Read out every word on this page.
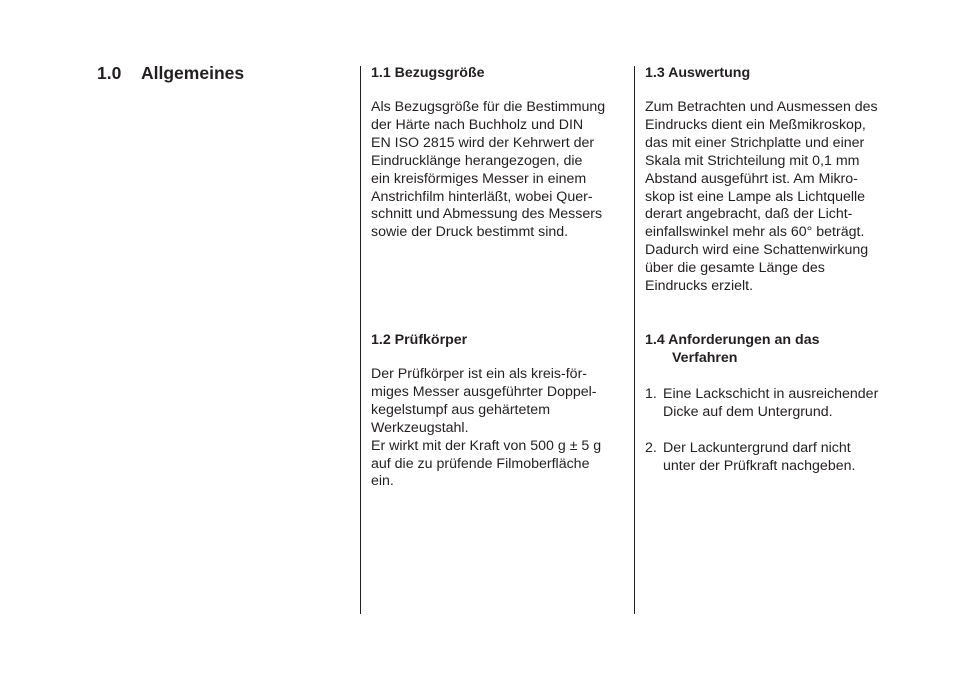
1.0 Allgemeines	1.1 Bezugsgröße

Als Bezugsgröße für die Bestimmung
der Härte nach Buchholz und DIN
EN ISO 2815 wird der Kehrwert der
Eindrucklänge herangezogen, die
ein kreisförmiges Messer in einem
Anstrichfilm hinterläßt, wobei Quer-
schnitt und Abmessung des Messers
sowie der Druck bestimmt sind.

1.2 Prüfkörper

Der Prüfkörper ist ein als kreis-för-
miges Messer ausgeführter Doppel-
kegelstumpf aus gehärtetem
Werkzeugstahl.
Er wirkt mit der Kraft von 500 g ± 5 g
auf die zu prüfende Filmoberfläche
ein.

1.3 Auswertung

Zum Betrachten und Ausmessen des
Eindrucks dient ein Meßmikroskop,
das mit einer Strichplatte und einer
Skala mit Strichteilung mit 0,1 mm
Abstand ausgeführt ist. Am Mikro-
skop ist eine Lampe als Lichtquelle
derart angebracht, daß der Licht-
einfallswinkel mehr als 60° beträgt.
Dadurch wird eine Schattenwirkung
über die gesamte Länge des
Eindrucks erzielt.

1.4 Anforderungen an das
Verfahren
1. Eine Lackschicht in ausreichender
Dicke auf dem Untergrund.
2. Der Lackuntergrund darf nicht
unter der Prüfkraft nachgeben.
